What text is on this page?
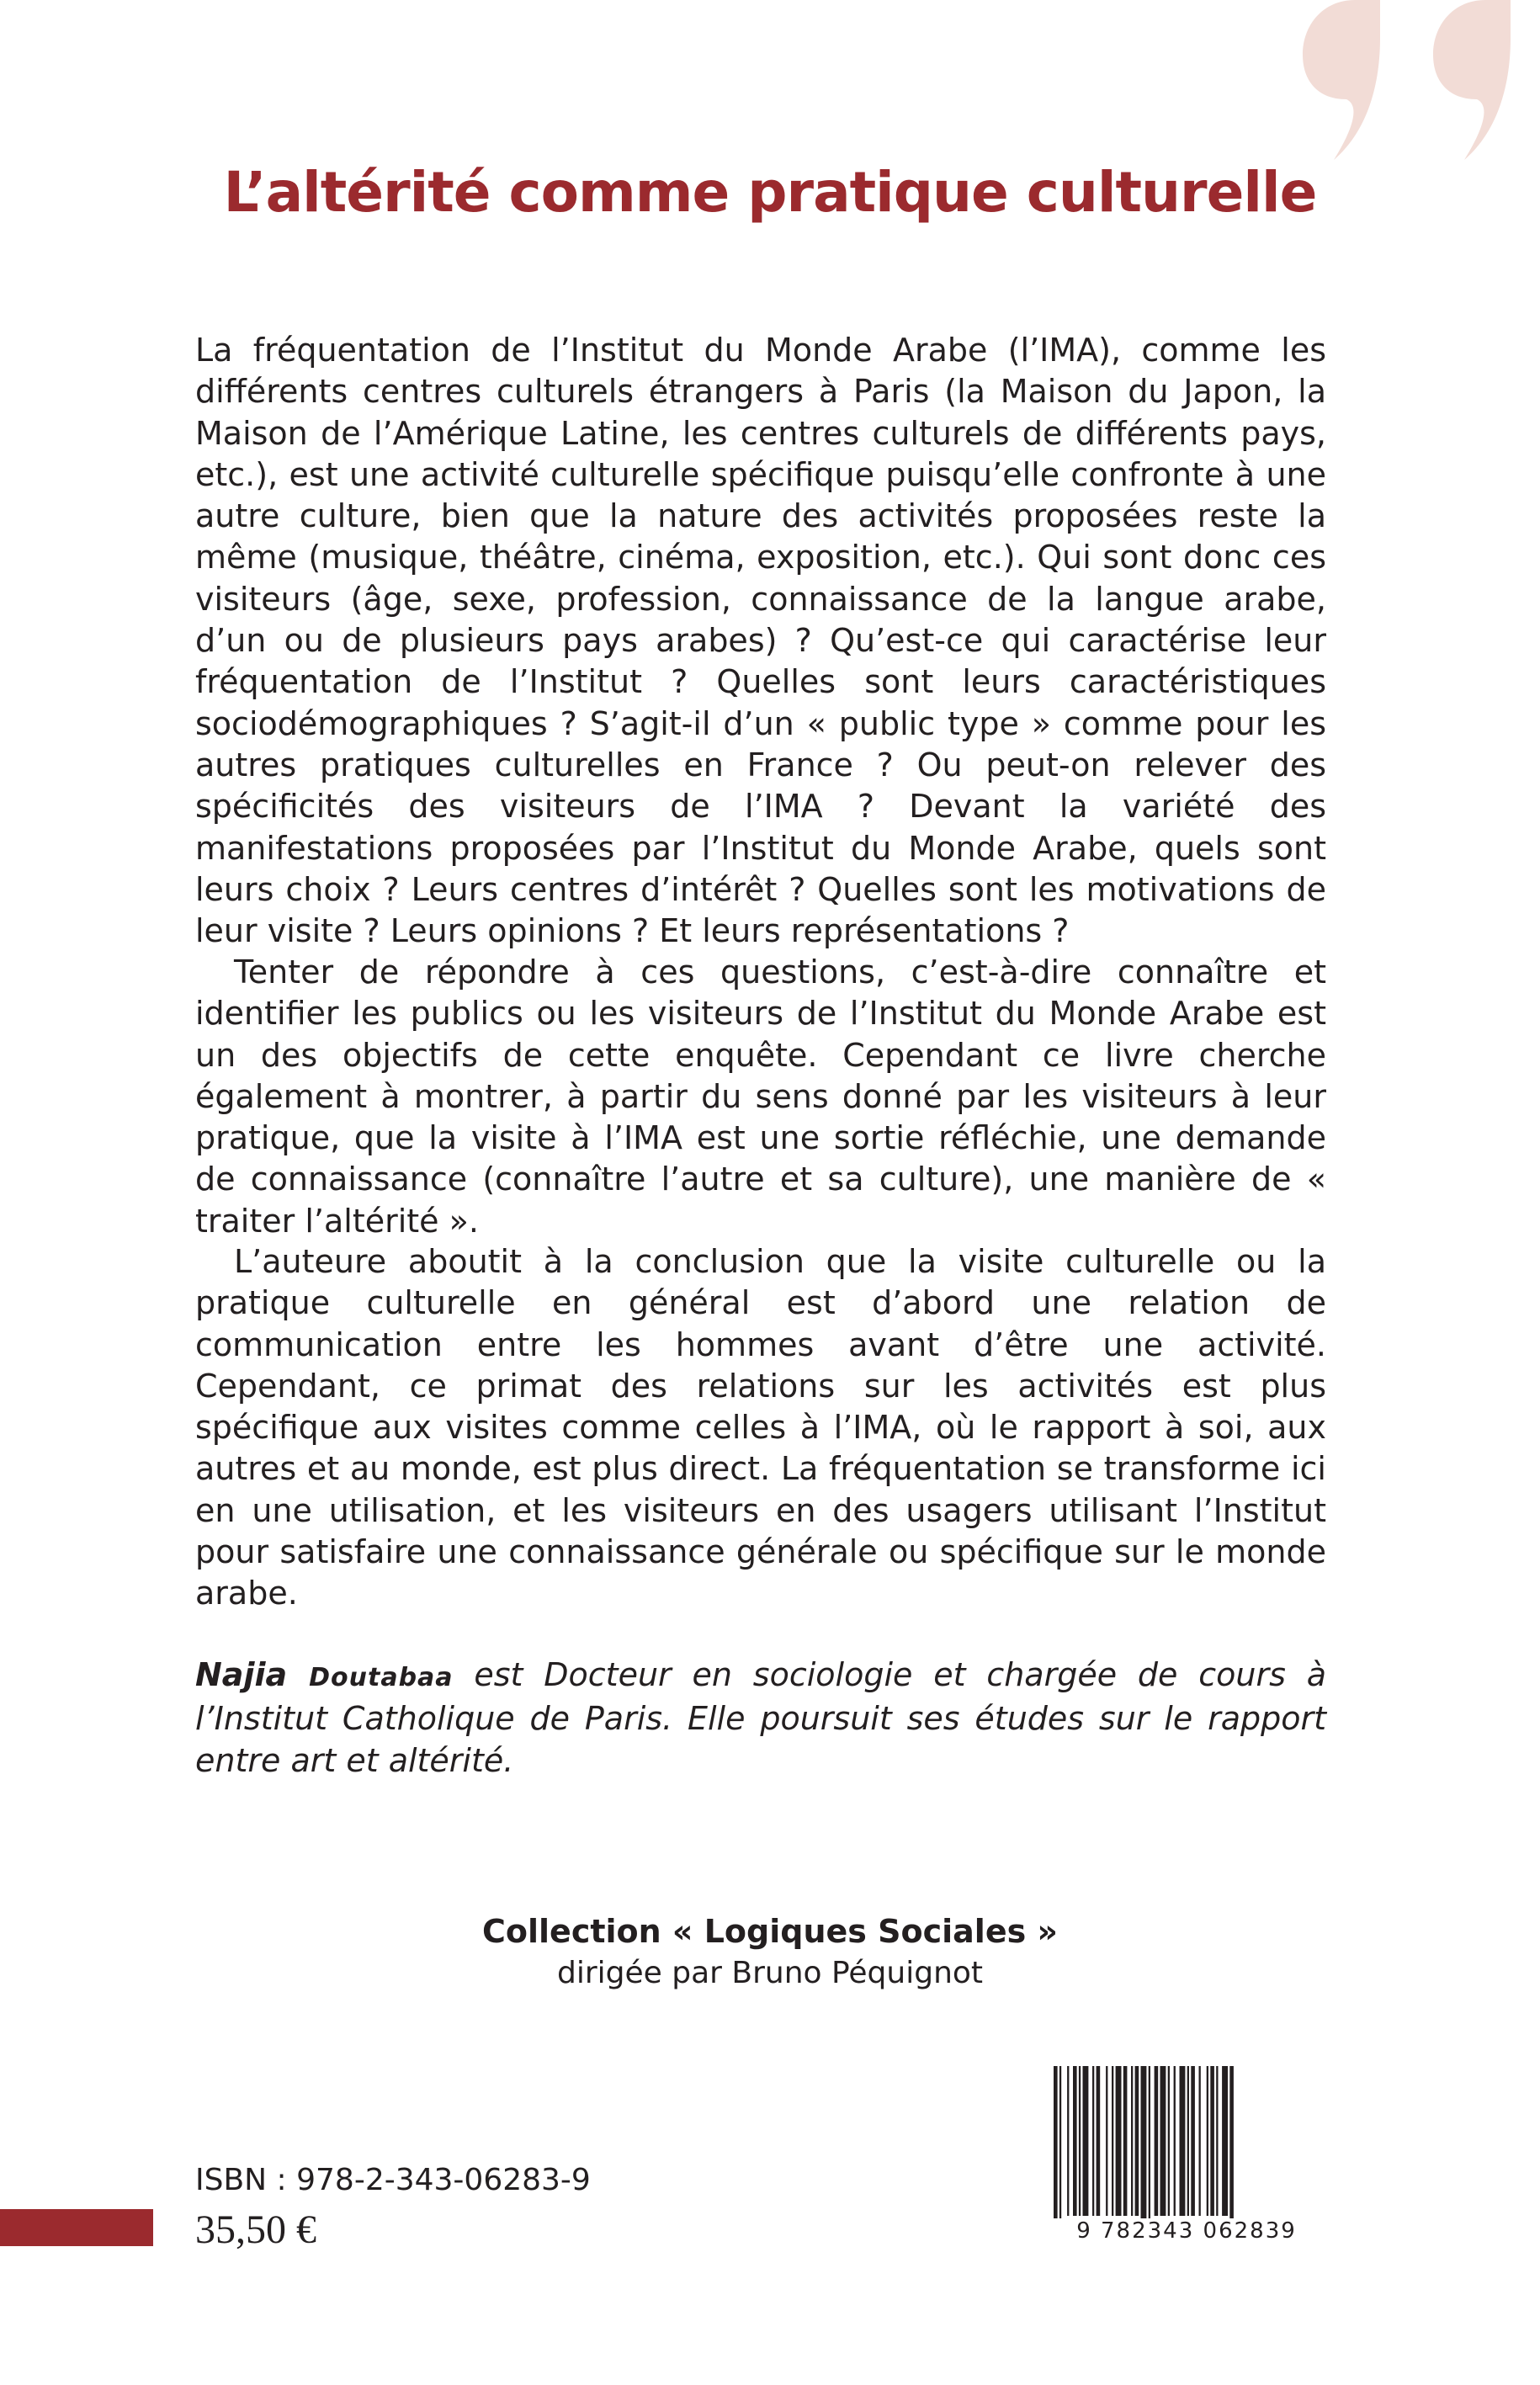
L’altérité comme pratique culturelle

La fréquentation de l’Institut du Monde Arabe (l’IMA), comme les différents centres culturels étrangers à Paris (la Maison du Japon, la Maison de l’Amérique Latine, les centres culturels de différents pays, etc.), est une activité culturelle spécifique puisqu’elle confronte à une autre culture, bien que la nature des activités proposées reste la même (musique, théâtre, cinéma, exposition, etc.). Qui sont donc ces visiteurs (âge, sexe, profession, connaissance de la langue arabe, d’un ou de plusieurs pays arabes) ? Qu’est-ce qui caractérise leur fréquentation de l’Institut ? Quelles sont leurs caractéristiques sociodémographiques ? S’agit-il d’un « public type » comme pour les autres pratiques culturelles en France ? Ou peut-on relever des spécificités des visiteurs de l’IMA ? Devant la variété des manifestations proposées par l’Institut du Monde Arabe, quels sont leurs choix ? Leurs centres d’intérêt ? Quelles sont les motivations de leur visite ? Leurs opinions ? Et leurs représentations ?

Tenter de répondre à ces questions, c’est-à-dire connaître et identifier les publics ou les visiteurs de l’Institut du Monde Arabe est un des objectifs de cette enquête. Cependant ce livre cherche également à montrer, à partir du sens donné par les visiteurs à leur pratique, que la visite à l’IMA est une sortie réfléchie, une demande de connaissance (connaître l’autre et sa culture), une manière de « traiter l’altérité ».

L’auteure aboutit à la conclusion que la visite culturelle ou la pratique culturelle en général est d’abord une relation de communication entre les hommes avant d’être une activité. Cependant, ce primat des relations sur les activités est plus spécifique aux visites comme celles à l’IMA, où le rapport à soi, aux autres et au monde, est plus direct. La fréquentation se transforme ici en une utilisation, et les visiteurs en des usagers utilisant l’Institut pour satisfaire une connaissance générale ou spécifique sur le monde arabe.

Najia Doutabaa est Docteur en sociologie et chargée de cours à l’Institut Catholique de Paris. Elle poursuit ses études sur le rapport entre art et altérité.

Collection « Logiques Sociales »
dirigée par Bruno Péquignot
ISBN : 978-2-343-06283-9
35,50 €	9 782343 062839
